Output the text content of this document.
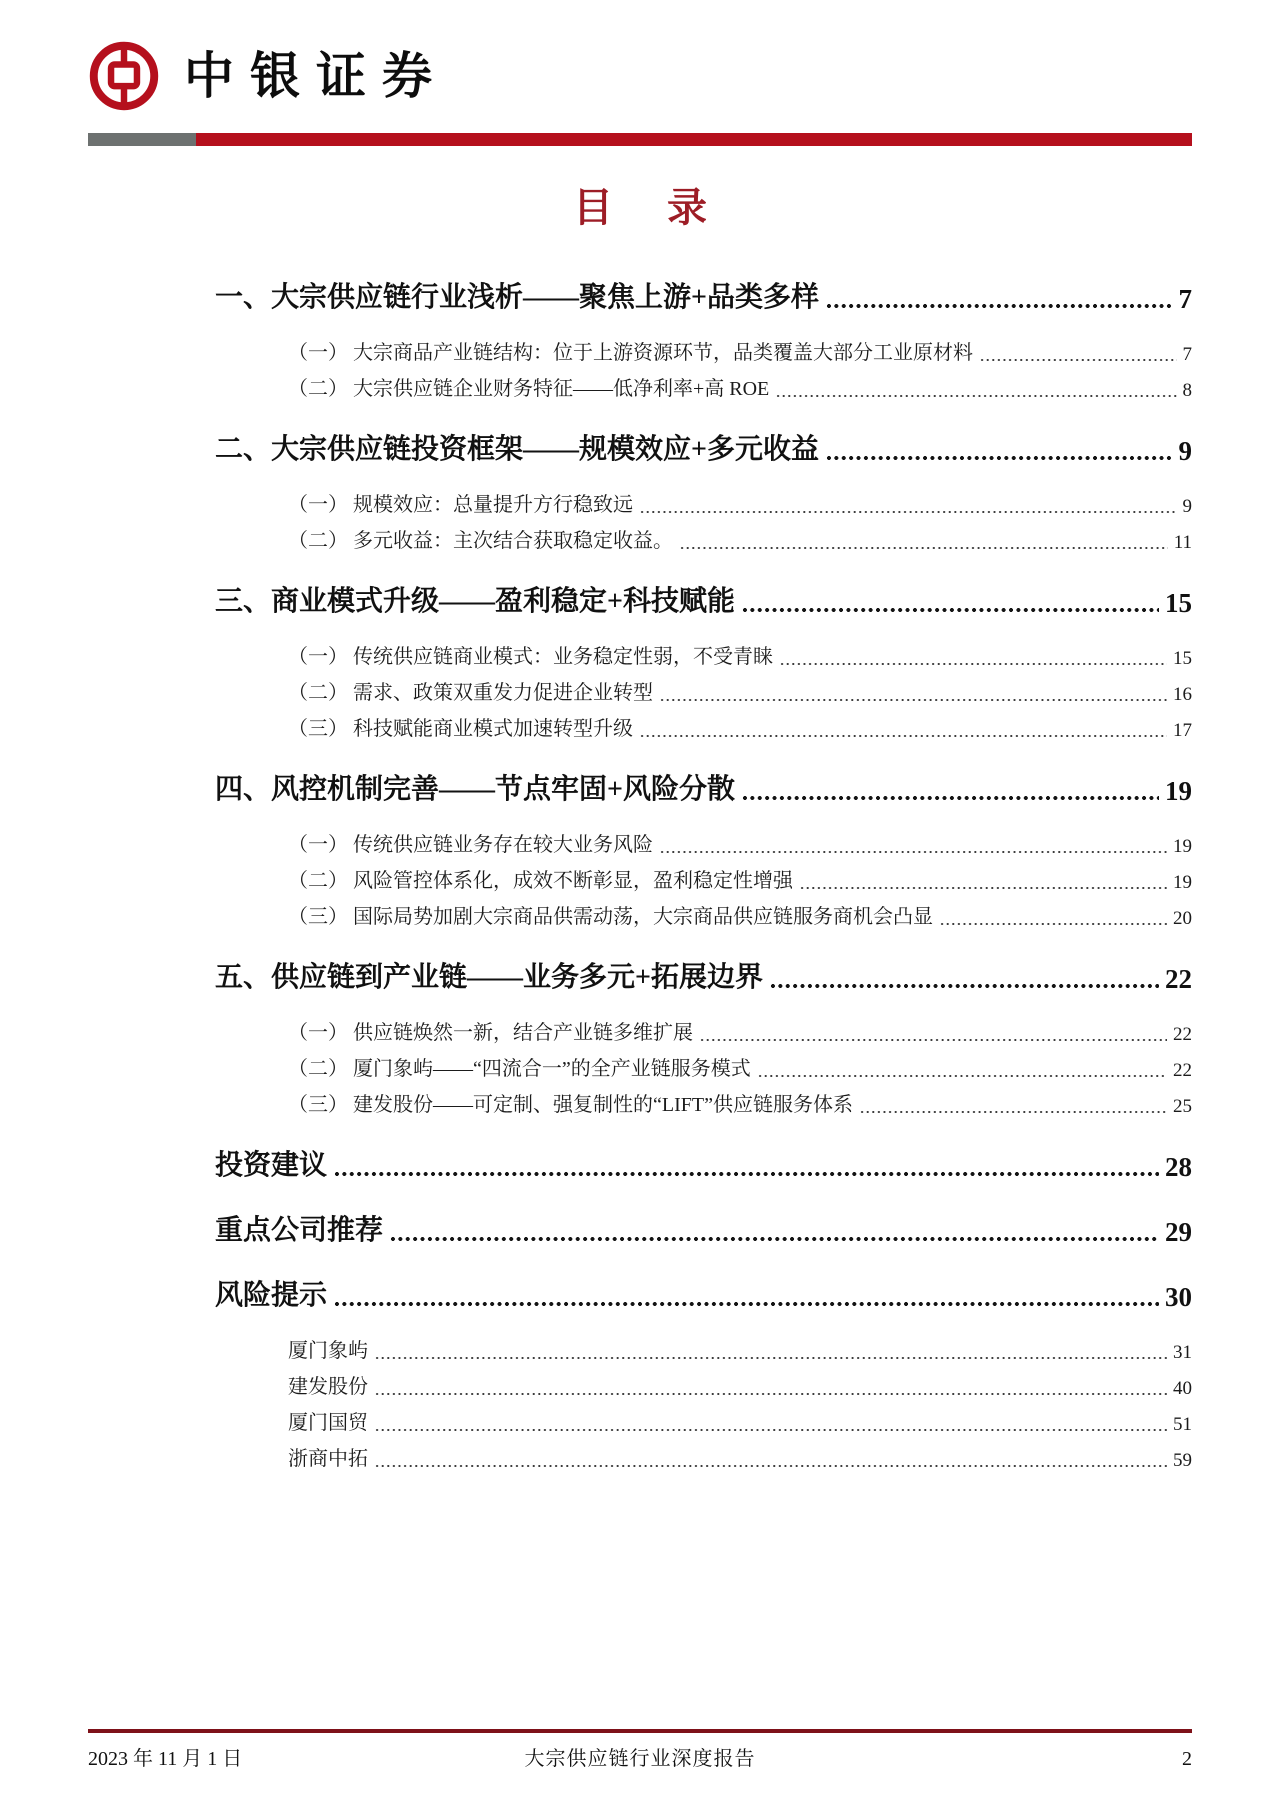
中银证券
目 录
一、大宗供应链行业浅析——聚焦上游+品类多样	7
（一） 大宗商品产业链结构：位于上游资源环节，品类覆盖大部分工业原材料	7
（二） 大宗供应链企业财务特征——低净利率+高 ROE	8
二、大宗供应链投资框架——规模效应+多元收益	9
（一） 规模效应：总量提升方行稳致远	9
（二） 多元收益：主次结合获取稳定收益。	11
三、商业模式升级——盈利稳定+科技赋能	15
（一） 传统供应链商业模式：业务稳定性弱，不受青睐	15
（二） 需求、政策双重发力促进企业转型	16
（三） 科技赋能商业模式加速转型升级	17
四、风控机制完善——节点牢固+风险分散	19
（一） 传统供应链业务存在较大业务风险	19
（二） 风险管控体系化，成效不断彰显，盈利稳定性增强	19
（三） 国际局势加剧大宗商品供需动荡，大宗商品供应链服务商机会凸显	20
五、供应链到产业链——业务多元+拓展边界	22
（一） 供应链焕然一新，结合产业链多维扩展	22
（二） 厦门象屿——“四流合一”的全产业链服务模式	22
（三） 建发股份——可定制、强复制性的“LIFT”供应链服务体系	25
投资建议	28
重点公司推荐	29
风险提示	30
厦门象屿	31
建发股份	40
厦门国贸	51
浙商中拓	59
2023 年 11 月 1 日	大宗供应链行业深度报告	2
